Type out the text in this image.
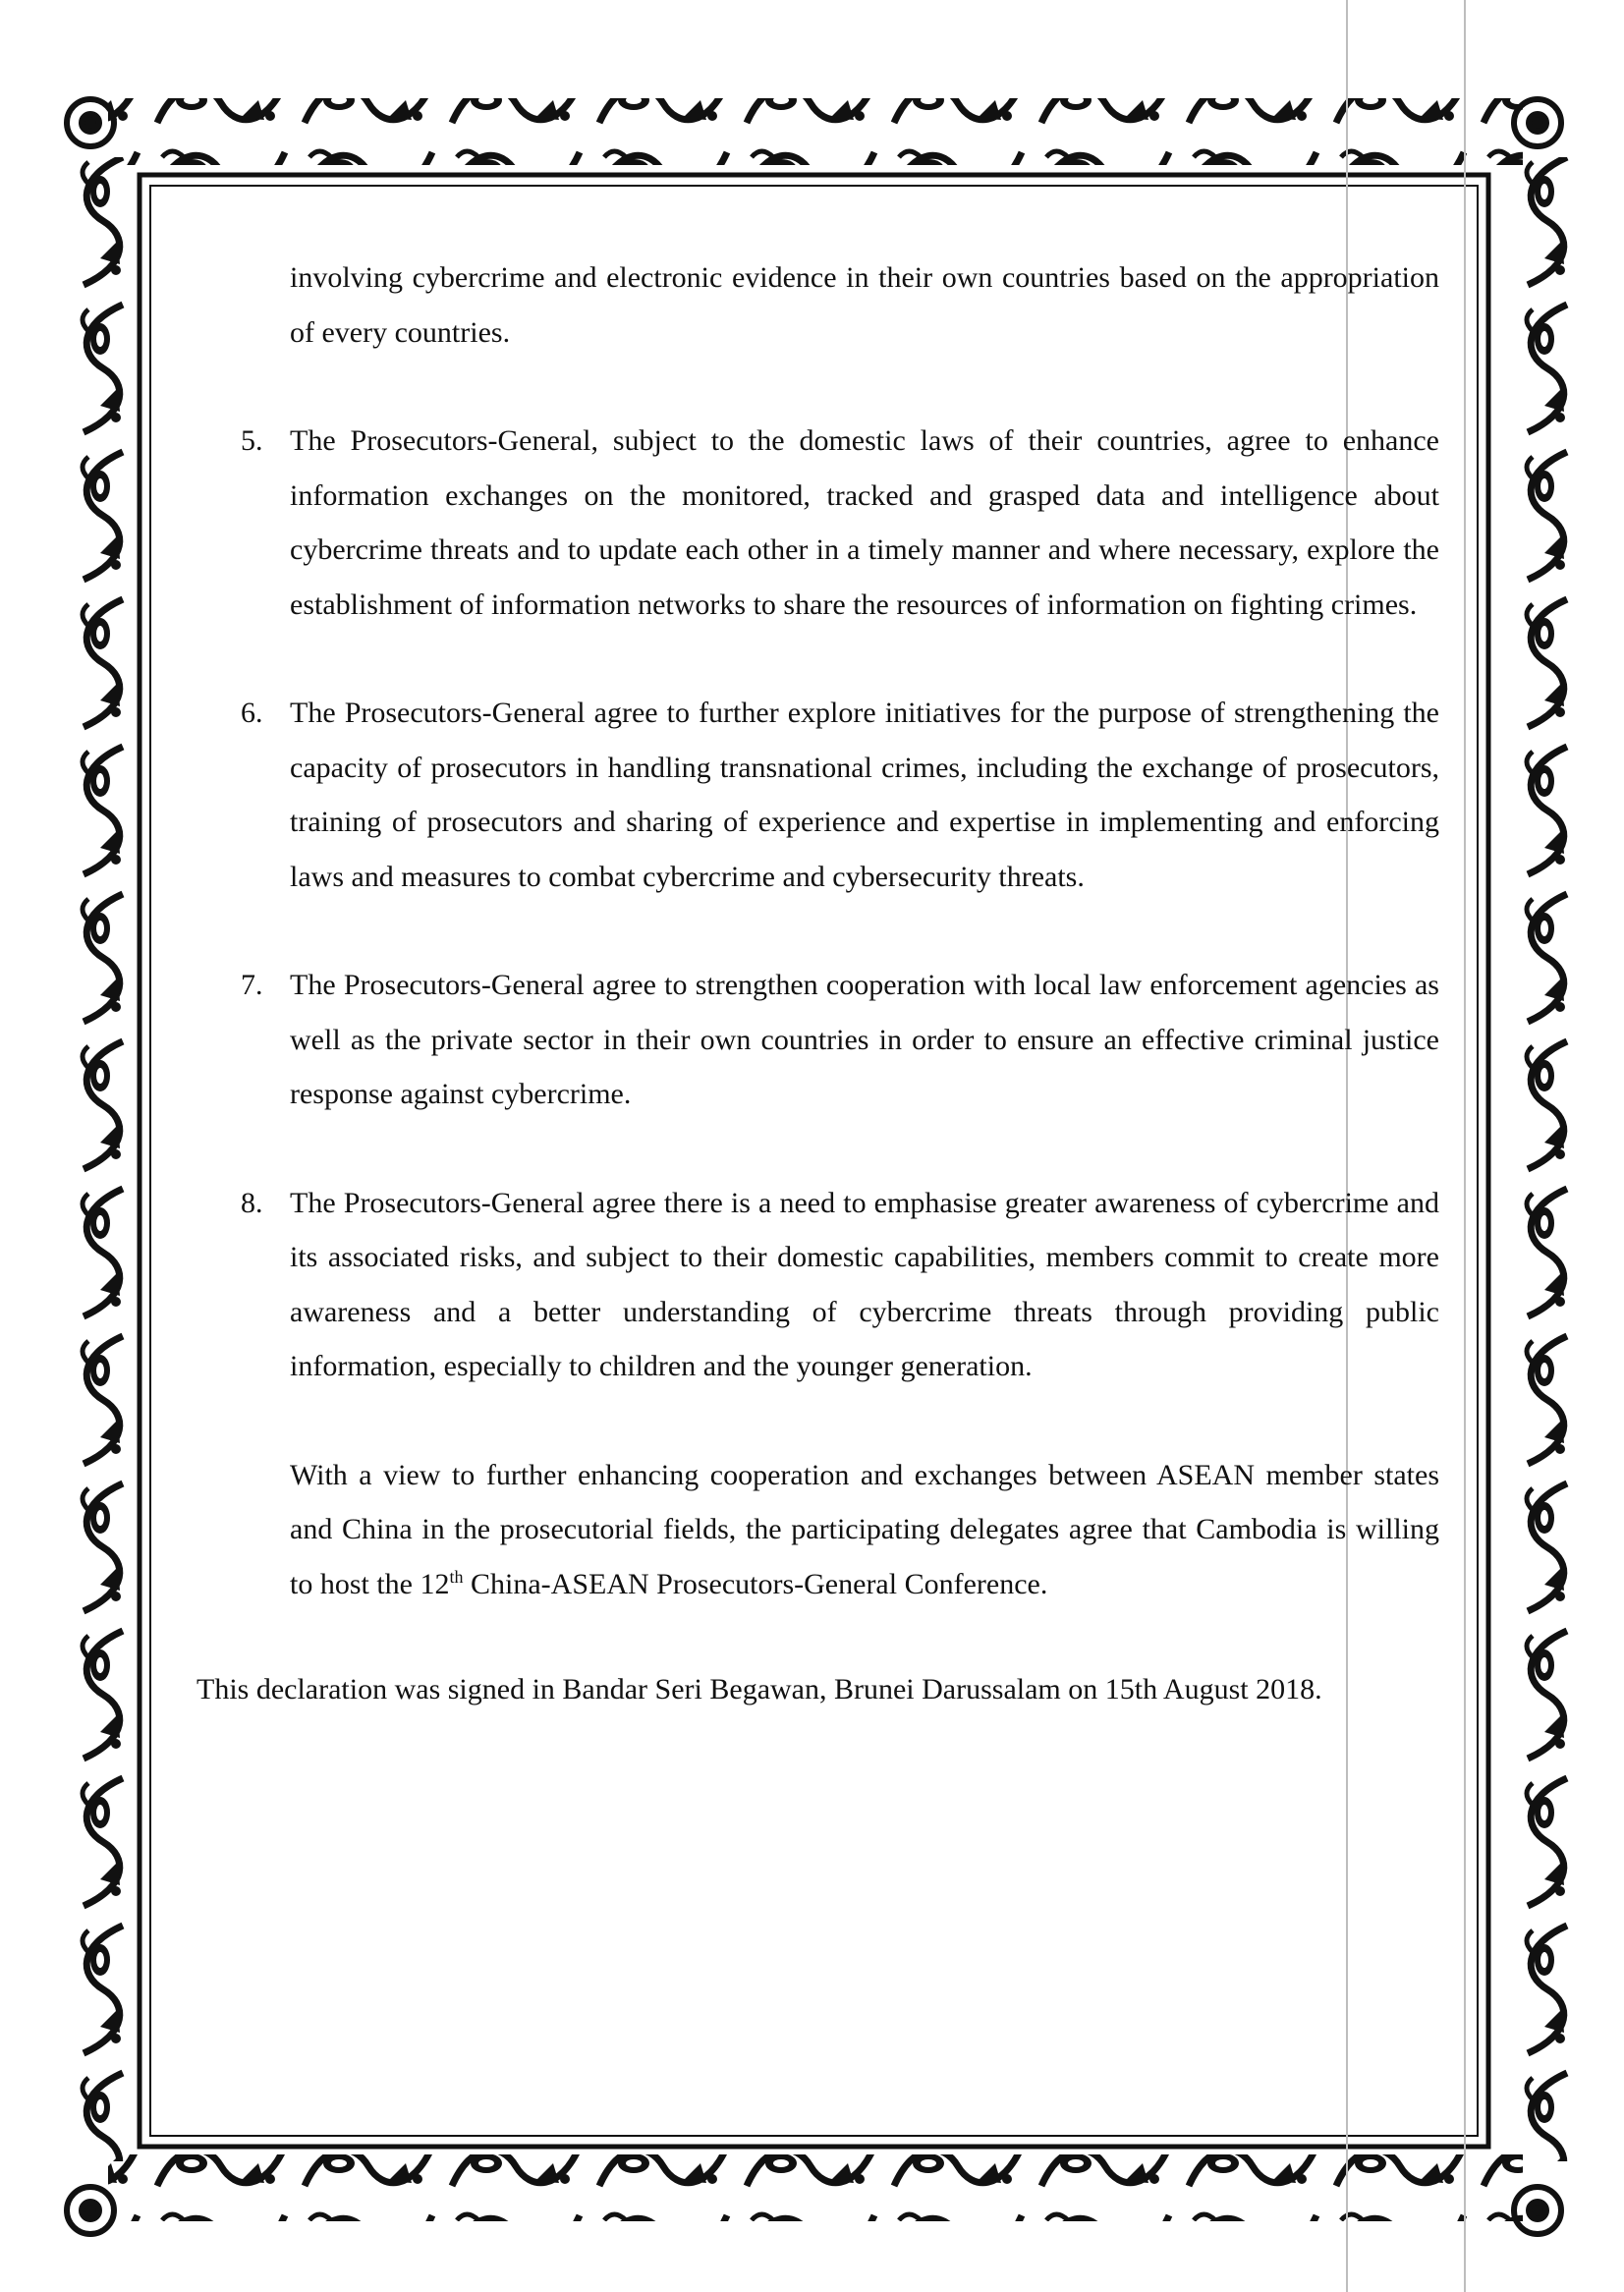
involving cybercrime and electronic evidence in their own countries based on the appropriation of every countries.

5. The Prosecutors-General, subject to the domestic laws of their countries, agree to enhance information exchanges on the monitored, tracked and grasped data and intelligence about cybercrime threats and to update each other in a timely manner and where necessary, explore the establishment of information networks to share the resources of information on fighting crimes.
6. The Prosecutors-General agree to further explore initiatives for the purpose of strengthening the capacity of prosecutors in handling transnational crimes, including the exchange of prosecutors, training of prosecutors and sharing of experience and expertise in implementing and enforcing laws and measures to combat cybercrime and cybersecurity threats.
7. The Prosecutors-General agree to strengthen cooperation with local law enforcement agencies as well as the private sector in their own countries in order to ensure an effective criminal justice response against cybercrime.
8. The Prosecutors-General agree there is a need to emphasise greater awareness of cybercrime and its associated risks, and subject to their domestic capabilities, members commit to create more awareness and a better understanding of cybercrime threats through providing public information, especially to children and the younger generation.

With a view to further enhancing cooperation and exchanges between ASEAN member states and China in the prosecutorial fields, the participating delegates agree that Cambodia is willing to host the 12th China-ASEAN Prosecutors-General Conference.

This declaration was signed in Bandar Seri Begawan, Brunei Darussalam on 15th August 2018.
